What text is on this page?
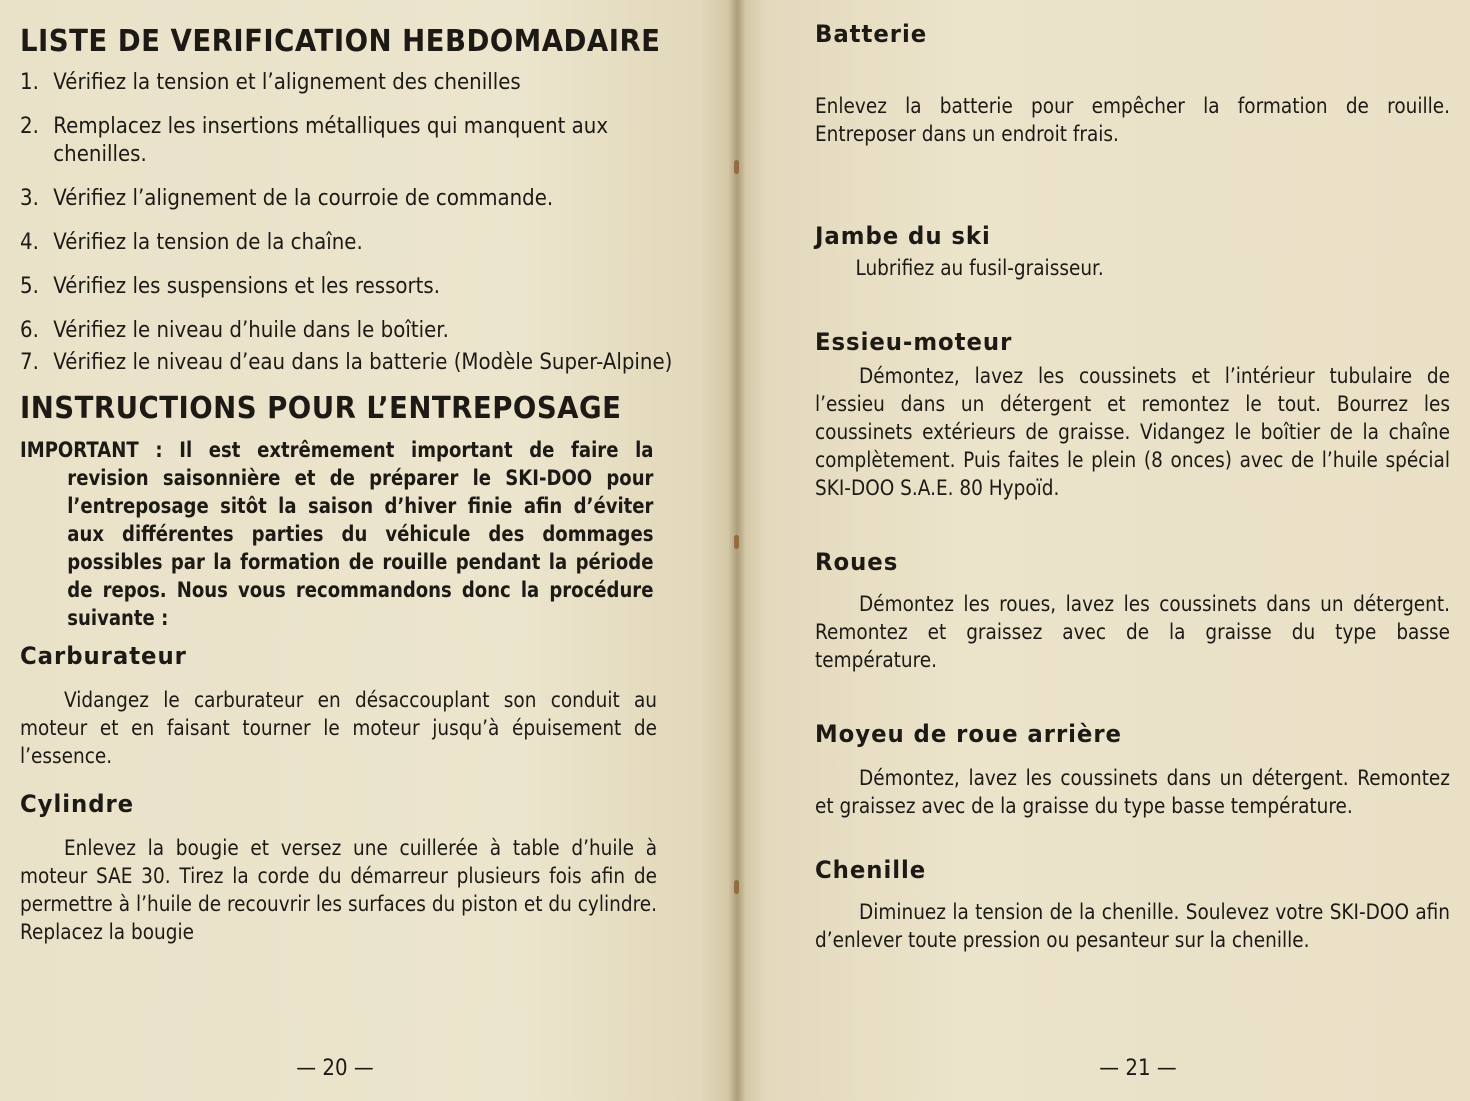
LISTE DE VERIFICATION HEBDOMADAIRE
1. Vérifiez la tension et l’alignement des chenilles
2. Remplacez les insertions métalliques qui manquent aux chenilles.
3. Vérifiez l’alignement de la courroie de commande.
4. Vérifiez la tension de la chaîne.
5. Vérifiez les suspensions et les ressorts.
6. Vérifiez le niveau d’huile dans le boîtier.
7. Vérifiez le niveau d’eau dans la batterie (Modèle Super-Alpine)
INSTRUCTIONS POUR L’ENTREPOSAGE

IMPORTANT : Il est extrêmement important de faire la revision saisonnière et de préparer le SKI-DOO pour l’entreposage sitôt la saison d’hiver finie afin d’éviter aux différentes parties du véhicule des dommages possibles par la formation de rouille pendant la période de repos. Nous vous recommandons donc la procédure suivante :

Carburateur

Vidangez le carburateur en désaccouplant son conduit au moteur et en faisant tourner le moteur jusqu’à épuisement de l’essence.

Cylindre

Enlevez la bougie et versez une cuillerée à table d’huile à moteur SAE 30. Tirez la corde du démarreur plusieurs fois afin de permettre à l’huile de recouvrir les surfaces du piston et du cylindre. Replacez la bougie

— 20 —
Batterie

Enlevez la batterie pour empêcher la formation de rouille. Entreposer dans un endroit frais.

Jambe du ski

Lubrifiez au fusil-graisseur.

Essieu-moteur

Démontez, lavez les coussinets et l’intérieur tubulaire de l’essieu dans un détergent et remontez le tout. Bourrez les coussinets extérieurs de graisse. Vidangez le boîtier de la chaîne complètement. Puis faites le plein (8 onces) avec de l’huile spécial SKI-DOO S.A.E. 80 Hypoïd.

Roues

Démontez les roues, lavez les coussinets dans un détergent. Remontez et graissez avec de la graisse du type basse température.

Moyeu de roue arrière

Démontez, lavez les coussinets dans un détergent. Remontez et graissez avec de la graisse du type basse température.

Chenille

Diminuez la tension de la chenille. Soulevez votre SKI-DOO afin d’enlever toute pression ou pesanteur sur la chenille.

— 21 —
